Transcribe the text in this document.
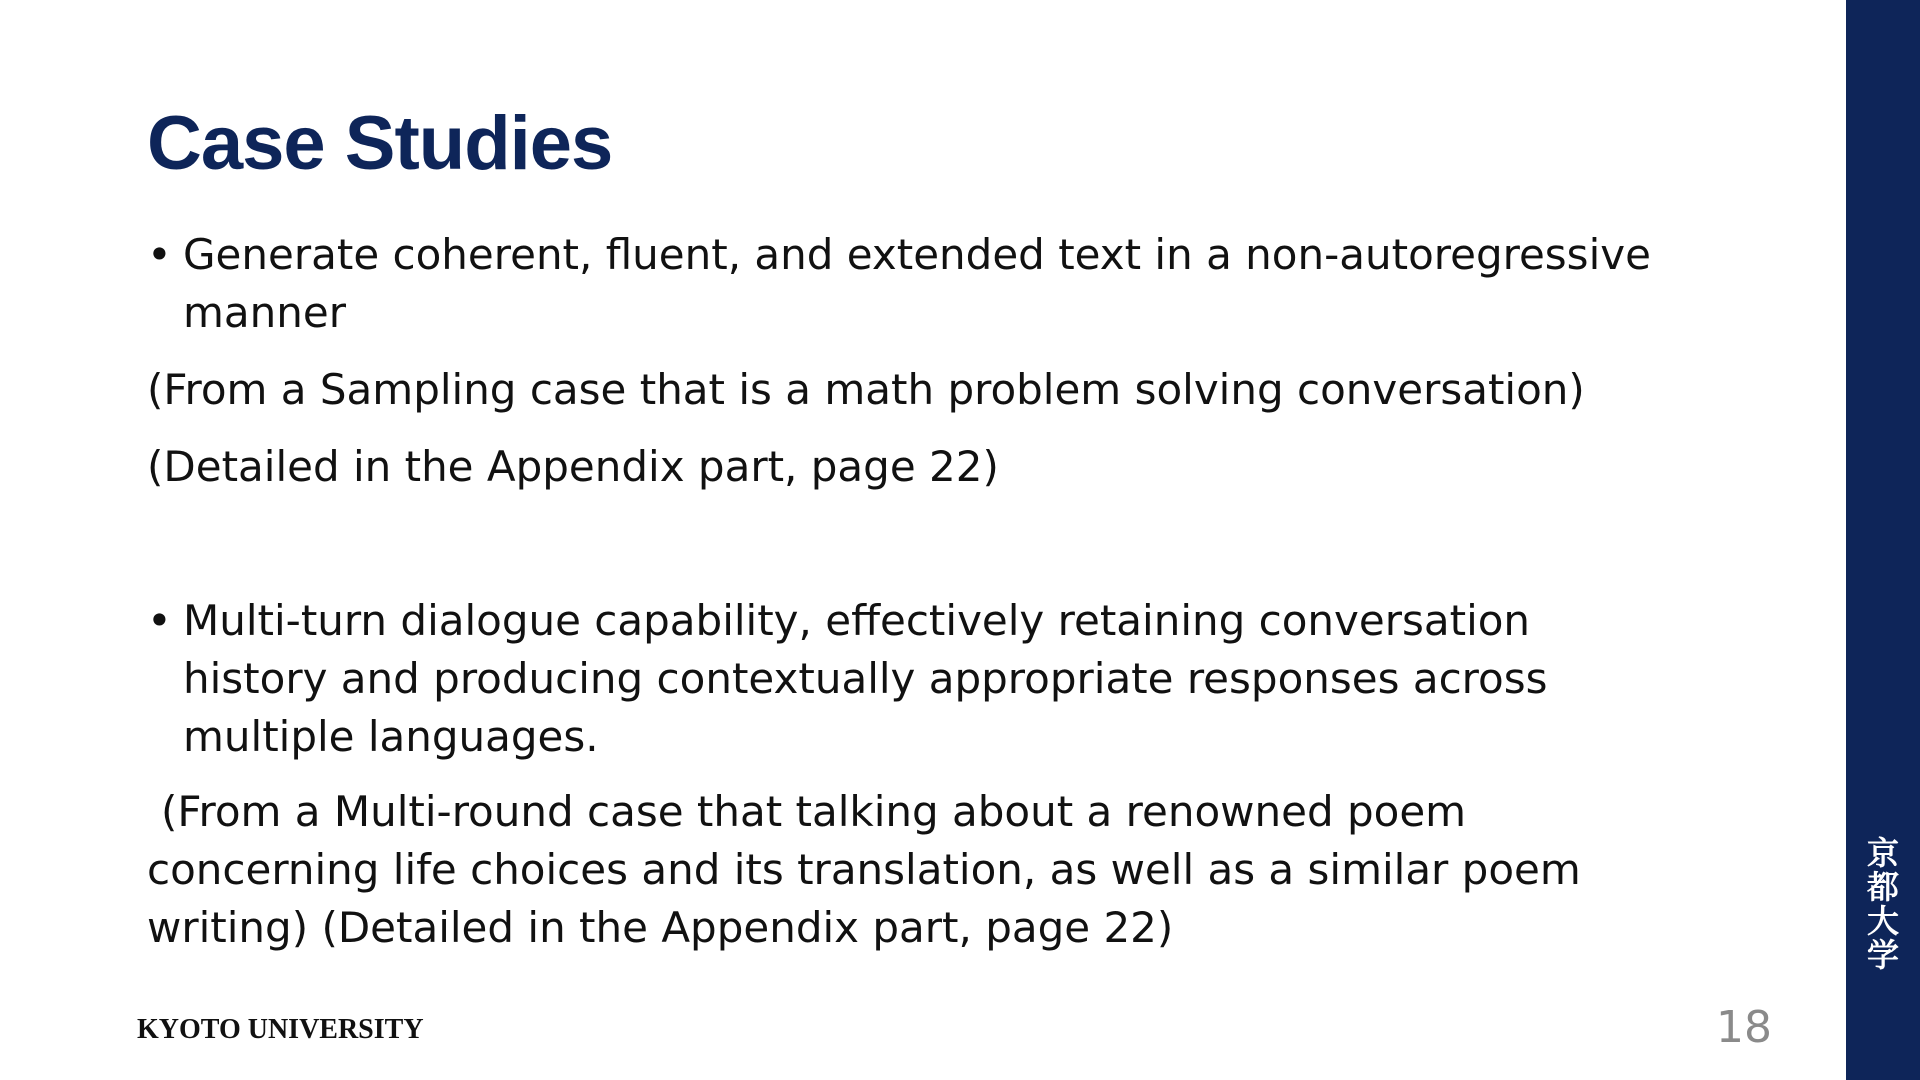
Case Studies
• Generate coherent, fluent, and extended text in a non-autoregressive manner
(From a Sampling case that is a math problem solving conversation)
(Detailed in the Appendix part, page 22)
• Multi-turn dialogue capability, effectively retaining conversation history and producing contextually appropriate responses across multiple languages.
(From a Multi-round case that talking about a renowned poem concerning life choices and its translation, as well as a similar poem writing) (Detailed in the Appendix part, page 22)
KYOTO UNIVERSITY	18
京
都
大
学
